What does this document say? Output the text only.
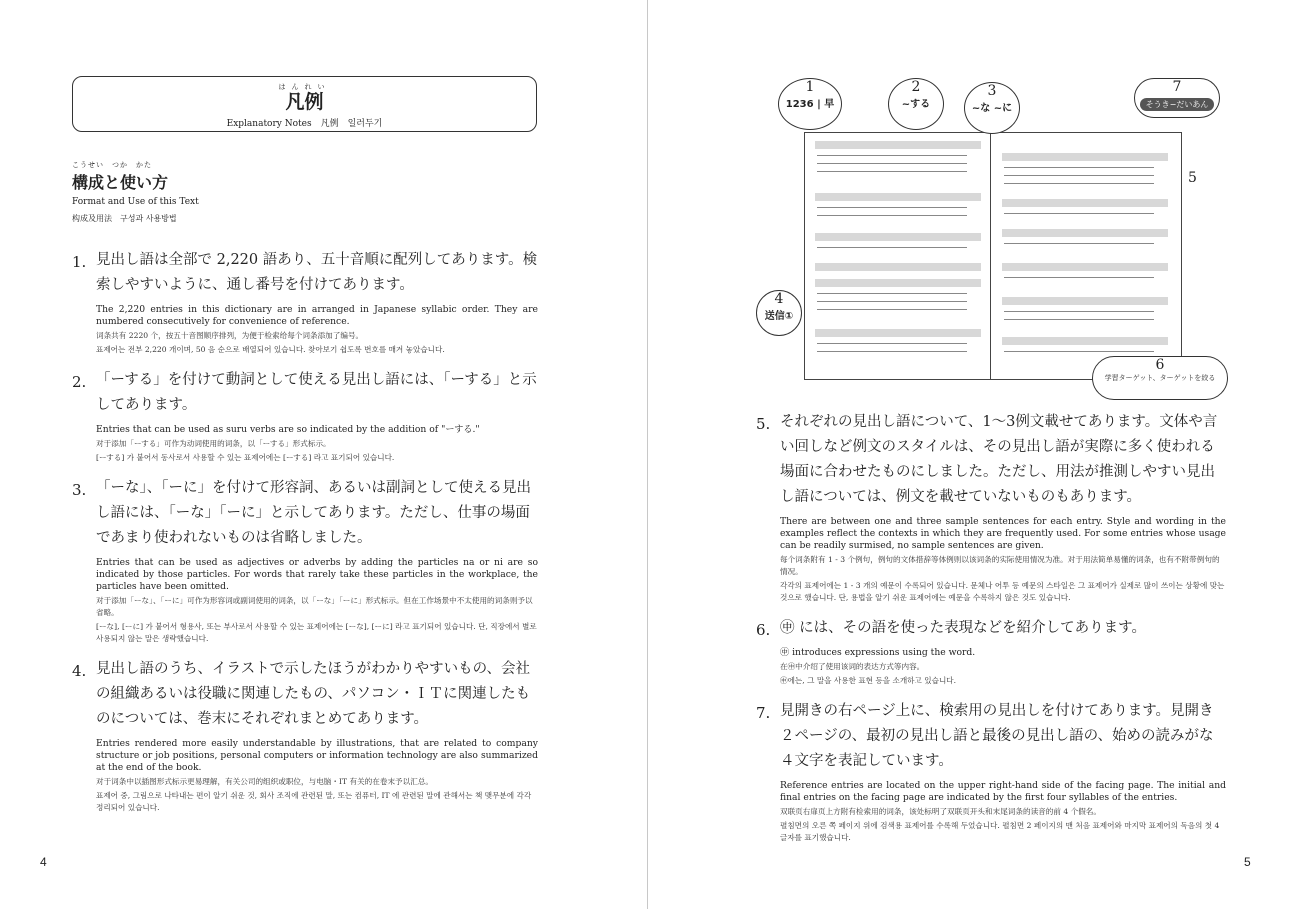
はんれい
凡例
Explanatory Notes　凡例　일러두기
こうせい　つか　かた
構成と使い方
Format and Use of this Text
构成及用法　구성과 사용방법
1. 見出し語は全部で 2,220 語あり、五十音順に配列してあります。検索しやすいように、通し番号を付けてあります。

The 2,220 entries in this dictionary are in arranged in Japanese syllabic order. They are numbered consecutively for convenience of reference.

词条共有 2220 个，按五十音图顺序排列，为便于检索给每个词条添加了编号。

표제어는 전부 2,220 개이며, 50 음 순으로 배열되어 있습니다. 찾아보기 쉽도록 번호를 매겨 놓았습니다.

2. 「ーする」を付けて動詞として使える見出し語には、「ーする」と示してあります。

Entries that can be used as suru verbs are so indicated by the addition of "ーする."

对于添加「ーする」可作为动词使用的词条，以「ーする」形式标示。

[ーする] 가 붙어서 동사로서 사용할 수 있는 표제어에는 [ーする] 라고 표기되어 있습니다.

3. 「ーな」、「ーに」を付けて形容詞、あるいは副詞として使える見出し語には、「ーな」「ーに」と示してあります。ただし、仕事の場面であまり使われないものは省略しました。

Entries that can be used as adjectives or adverbs by adding the particles na or ni are so indicated by those particles. For words that rarely take these particles in the workplace, the particles have been omitted.

对于添加「ーな」、「ーに」可作为形容词或副词使用的词条，以「ーな」「ーに」形式标示。但在工作场景中不太使用的词条则予以省略。

[ーな], [ーに] 가 붙어서 형용사, 또는 부사로서 사용할 수 있는 표제어에는 [ーな], [ーに] 라고 표기되어 있습니다. 단, 직장에서 별로 사용되지 않는 말은 생략했습니다.

4. 見出し語のうち、イラストで示したほうがわかりやすいもの、会社の組織あるいは役職に関連したもの、パソコン・ＩＴに関連したものについては、巻末にそれぞれまとめてあります。

Entries rendered more easily understandable by illustrations, that are related to company structure or job positions, personal computers or information technology are also summarized at the end of the book.

对于词条中以插图形式标示更易理解，有关公司的组织或职位，与电脑・IT 有关的在卷末予以汇总。

표제어 중, 그림으로 나타내는 편이 알기 쉬운 것, 회사 조직에 관련된 말, 또는 컴퓨터, IT 에 관련된 말에 관해서는 책 맺무분에 각각 정리되어 있습니다.

4
1
1236 | 早
2
~する
3
~な ~に
4
送信①
5
6
学習ターゲット、ターゲットを絞る
7
そうき−だいあん
5. それぞれの見出し語について、1〜3例文載せてあります。文体や言い回しなど例文のスタイルは、その見出し語が実際に多く使われる場面に合わせたものにしました。ただし、用法が推測しやすい見出し語については、例文を載せていないものもあります。

There are between one and three sample sentences for each entry. Style and wording in the examples reflect the contexts in which they are frequently used. For some entries whose usage can be readily surmised, no sample sentences are given.

每个词条附有 1 - 3 个例句，例句的文体措辞等体例则以该词条的实际使用情况为准。对于用法简单易懂的词条，也有不附带例句的情况。

각각의 표제어에는 1 - 3 개의 예문이 수록되어 있습니다. 문체나 어투 등 예문의 스타일은 그 표제어가 실제로 많이 쓰이는 상황에 맞는 것으로 했습니다. 단, 용법을 알기 쉬운 표제어에는 예문을 수록하지 않은 것도 있습니다.

6. ㊥ には、その語を使った表現などを紹介してあります。

㊥ introduces expressions using the word.

在㊥中介绍了使用该词的表达方式等内容。

㊥에는, 그 말을 사용한 표현 등을 소개하고 있습니다.

7. 見開きの右ページ上に、検索用の見出しを付けてあります。見開き２ページの、最初の見出し語と最後の見出し語の、始めの読みがな４文字を表記しています。

Reference entries are located on the upper right-hand side of the facing page. The initial and final entries on the facing page are indicated by the first four syllables of the entries.

双联页右扉页上方附有检索用的词条，该处标明了双联页开头和末尾词条的读音的前 4 个假名。

펼침면의 오른 쪽 페이지 위에 검색용 표제어를 수록해 두었습니다. 펼침면 2 페이지의 맨 처음 표제어와 마지막 표제어의 독음의 첫 4 글자를 표기했습니다.

5
